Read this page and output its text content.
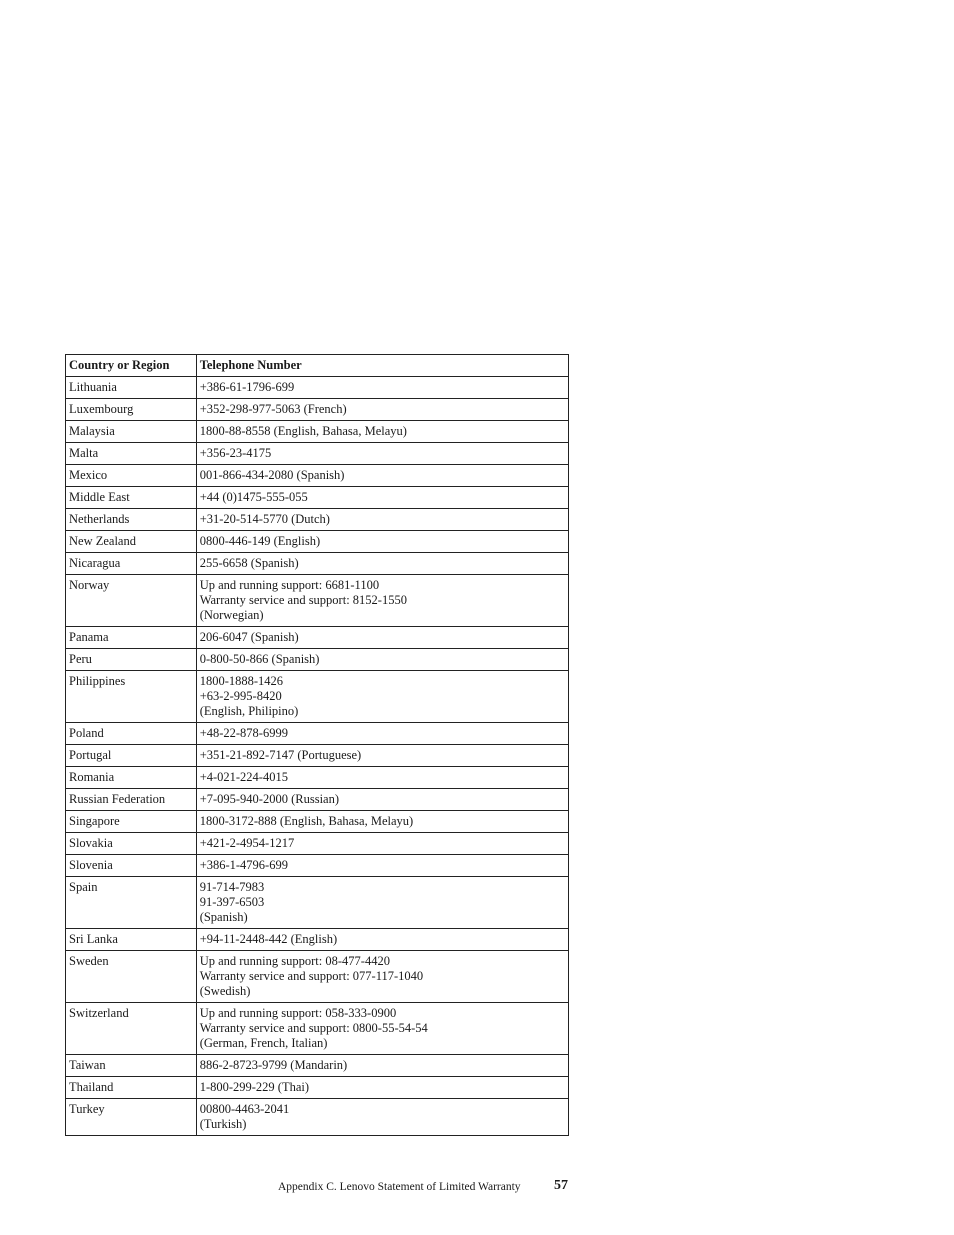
Country or Region	Telephone Number
Lithuania	+386-61-1796-699

Luxembourg	+352-298-977-5063 (French)

Malaysia	1800-88-8558 (English, Bahasa, Melayu)

Malta	+356-23-4175

Mexico	001-866-434-2080 (Spanish)

Middle East	+44 (0)1475-555-055

Netherlands	+31-20-514-5770 (Dutch)

New Zealand	0800-446-149 (English)

Nicaragua	255-6658 (Spanish)

Norway	Up and running support: 6681-1100
Warranty service and support: 8152-1550
(Norwegian)

Panama	206-6047 (Spanish)

Peru	0-800-50-866 (Spanish)

Philippines	1800-1888-1426
+63-2-995-8420
(English, Philipino)

Poland	+48-22-878-6999

Portugal	+351-21-892-7147 (Portuguese)

Romania	+4-021-224-4015

Russian Federation	+7-095-940-2000 (Russian)

Singapore	1800-3172-888 (English, Bahasa, Melayu)

Slovakia	+421-2-4954-1217

Slovenia	+386-1-4796-699

Spain	91-714-7983
91-397-6503
(Spanish)

Sri Lanka	+94-11-2448-442 (English)

Sweden	Up and running support: 08-477-4420
Warranty service and support: 077-117-1040
(Swedish)

Switzerland	Up and running support: 058-333-0900
Warranty service and support: 0800-55-54-54
(German, French, Italian)

Taiwan	886-2-8723-9799 (Mandarin)

Thailand	1-800-299-229 (Thai)

Turkey	00800-4463-2041
(Turkish)
Appendix C. Lenovo Statement of Limited Warranty 57
